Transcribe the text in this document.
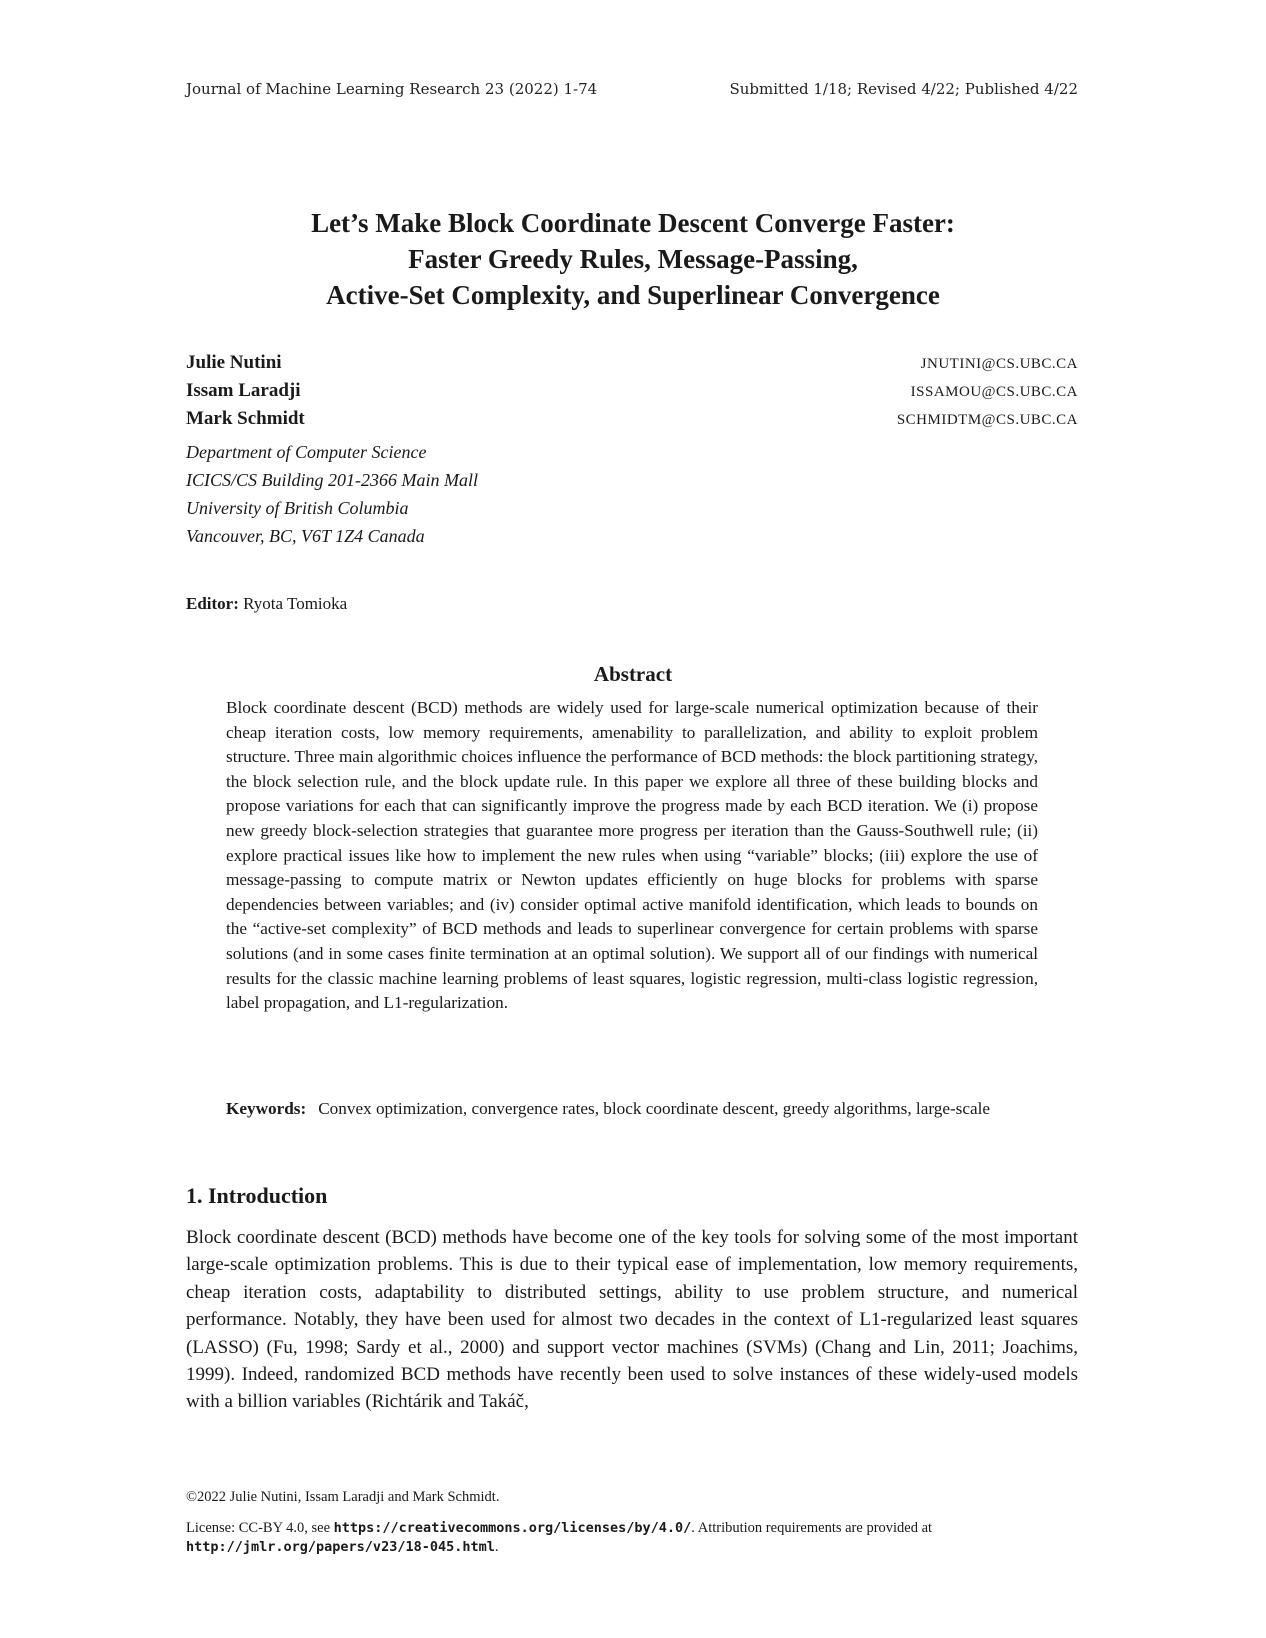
Journal of Machine Learning Research 23 (2022) 1-74	Submitted 1/18; Revised 4/22; Published 4/22
Let’s Make Block Coordinate Descent Converge Faster:
Faster Greedy Rules, Message-Passing,
Active-Set Complexity, and Superlinear Convergence
Julie Nutini	JNUTINI@CS.UBC.CA
Issam Laradji	ISSAMOU@CS.UBC.CA
Mark Schmidt	SCHMIDTM@CS.UBC.CA
Department of Computer Science
ICICS/CS Building 201-2366 Main Mall
University of British Columbia
Vancouver, BC, V6T 1Z4 Canada
Editor: Ryota Tomioka
Abstract
Block coordinate descent (BCD) methods are widely used for large-scale numerical optimization because of their cheap iteration costs, low memory requirements, amenability to parallelization, and ability to exploit problem structure. Three main algorithmic choices influence the performance of BCD methods: the block partitioning strategy, the block selection rule, and the block update rule. In this paper we explore all three of these building blocks and propose variations for each that can significantly improve the progress made by each BCD iteration. We (i) propose new greedy block-selection strategies that guarantee more progress per iteration than the Gauss-Southwell rule; (ii) explore practical issues like how to implement the new rules when using “variable” blocks; (iii) explore the use of message-passing to compute matrix or Newton updates efficiently on huge blocks for problems with sparse dependencies between variables; and (iv) consider optimal active manifold identification, which leads to bounds on the “active-set complexity” of BCD methods and leads to superlinear convergence for certain problems with sparse solutions (and in some cases finite termination at an optimal solution). We support all of our findings with numerical results for the classic machine learning problems of least squares, logistic regression, multi-class logistic regression, label propagation, and L1-regularization.
Keywords: Convex optimization, convergence rates, block coordinate descent, greedy algorithms, large-scale
1. Introduction
Block coordinate descent (BCD) methods have become one of the key tools for solving some of the most important large-scale optimization problems. This is due to their typical ease of implementation, low memory requirements, cheap iteration costs, adaptability to distributed settings, ability to use problem structure, and numerical performance. Notably, they have been used for almost two decades in the context of L1-regularized least squares (LASSO) (Fu, 1998; Sardy et al., 2000) and support vector machines (SVMs) (Chang and Lin, 2011; Joachims, 1999). Indeed, randomized BCD methods have recently been used to solve instances of these widely-used models with a billion variables (Richtárik and Takáč,
©2022 Julie Nutini, Issam Laradji and Mark Schmidt.
License: CC-BY 4.0, see https://creativecommons.org/licenses/by/4.0/. Attribution requirements are provided at http://jmlr.org/papers/v23/18-045.html.
